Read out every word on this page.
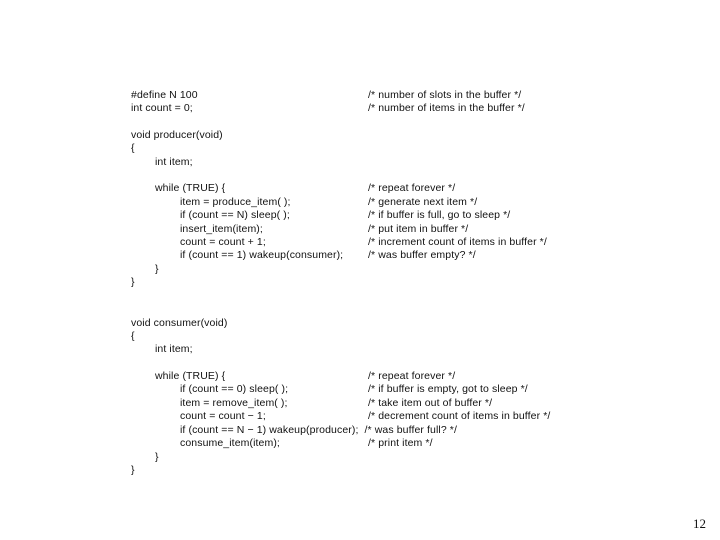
#define N 100	/* number of slots in the buffer */
int count = 0;	/* number of items in the buffer */
void producer(void)
{
int item;
while (TRUE) {	/* repeat forever */
item = produce_item( );	/* generate next item */
if (count == N) sleep( );	/* if buffer is full, go to sleep */
insert_item(item);	/* put item in buffer */
count = count + 1;	/* increment count of items in buffer */
if (count == 1) wakeup(consumer); /* was buffer empty? */
}
}
void consumer(void)
{
int item;
while (TRUE) {	/* repeat forever */
if (count == 0) sleep( );	/* if buffer is empty, got to sleep */
item = remove_item( );	/* take item out of buffer */
count = count − 1;	/* decrement count of items in buffer */
if (count == N − 1) wakeup(producer);  /* was buffer full? */
consume_item(item);	/* print item */
}
}
12
